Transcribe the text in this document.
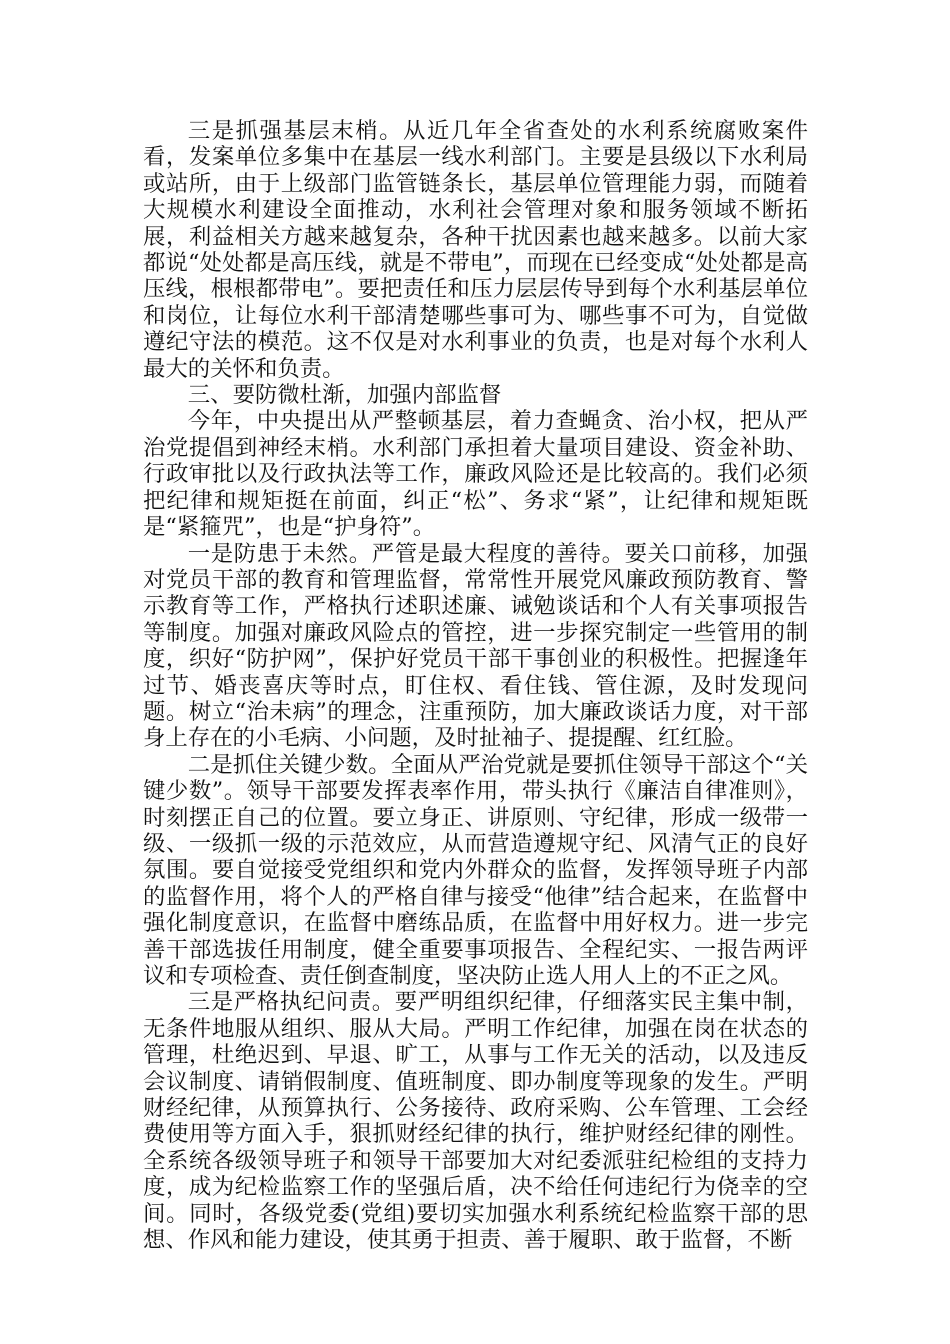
三是抓强基层末梢。从近几年全省查处的水利系统腐败案件看，发案单位多集中在基层一线水利部门。主要是县级以下水利局或站所，由于上级部门监管链条长，基层单位管理能力弱，而随着大规模水利建设全面推动，水利社会管理对象和服务领域不断拓展，利益相关方越来越复杂，各种干扰因素也越来越多。以前大家都说“处处都是高压线，就是不带电”，而现在已经变成“处处都是高压线，根根都带电”。要把责任和压力层层传导到每个水利基层单位和岗位，让每位水利干部清楚哪些事可为、哪些事不可为，自觉做遵纪守法的模范。这不仅是对水利事业的负责，也是对每个水利人最大的关怀和负责。

三、要防微杜渐，加强内部监督

今年，中央提出从严整顿基层，着力查蝇贪、治小权，把从严治党提倡到神经末梢。水利部门承担着大量项目建设、资金补助、行政审批以及行政执法等工作，廉政风险还是比较高的。我们必须把纪律和规矩挺在前面，纠正“松”、务求“紧”，让纪律和规矩既是“紧箍咒”，也是“护身符”。

一是防患于未然。严管是最大程度的善待。要关口前移，加强对党员干部的教育和管理监督，常常性开展党风廉政预防教育、警示教育等工作，严格执行述职述廉、诫勉谈话和个人有关事项报告等制度。加强对廉政风险点的管控，进一步探究制定一些管用的制度，织好“防护网”，保护好党员干部干事创业的积极性。把握逢年过节、婚丧喜庆等时点，盯住权、看住钱、管住源，及时发现问题。树立“治未病”的理念，注重预防，加大廉政谈话力度，对干部身上存在的小毛病、小问题，及时扯袖子、提提醒、红红脸。

二是抓住关键少数。全面从严治党就是要抓住领导干部这个“关键少数”。领导干部要发挥表率作用，带头执行《廉洁自律准则》，时刻摆正自己的位置。要立身正、讲原则、守纪律，形成一级带一级、一级抓一级的示范效应，从而营造遵规守纪、风清气正的良好氛围。要自觉接受党组织和党内外群众的监督，发挥领导班子内部的监督作用，将个人的严格自律与接受“他律”结合起来，在监督中强化制度意识，在监督中磨练品质，在监督中用好权力。进一步完善干部选拔任用制度，健全重要事项报告、全程纪实、一报告两评议和专项检查、责任倒查制度，坚决防止选人用人上的不正之风。

三是严格执纪问责。要严明组织纪律，仔细落实民主集中制，无条件地服从组织、服从大局。严明工作纪律，加强在岗在状态的管理，杜绝迟到、早退、旷工，从事与工作无关的活动，以及违反会议制度、请销假制度、值班制度、即办制度等现象的发生。严明财经纪律，从预算执行、公务接待、政府采购、公车管理、工会经费使用等方面入手，狠抓财经纪律的执行，维护财经纪律的刚性。全系统各级领导班子和领导干部要加大对纪委派驻纪检组的支持力度，成为纪检监察工作的坚强后盾，决不给任何违纪行为侥幸的空间。同时，各级党委(党组)要切实加强水利系统纪检监察干部的思想、作风和能力建设，使其勇于担责、善于履职、敢于监督，不断
